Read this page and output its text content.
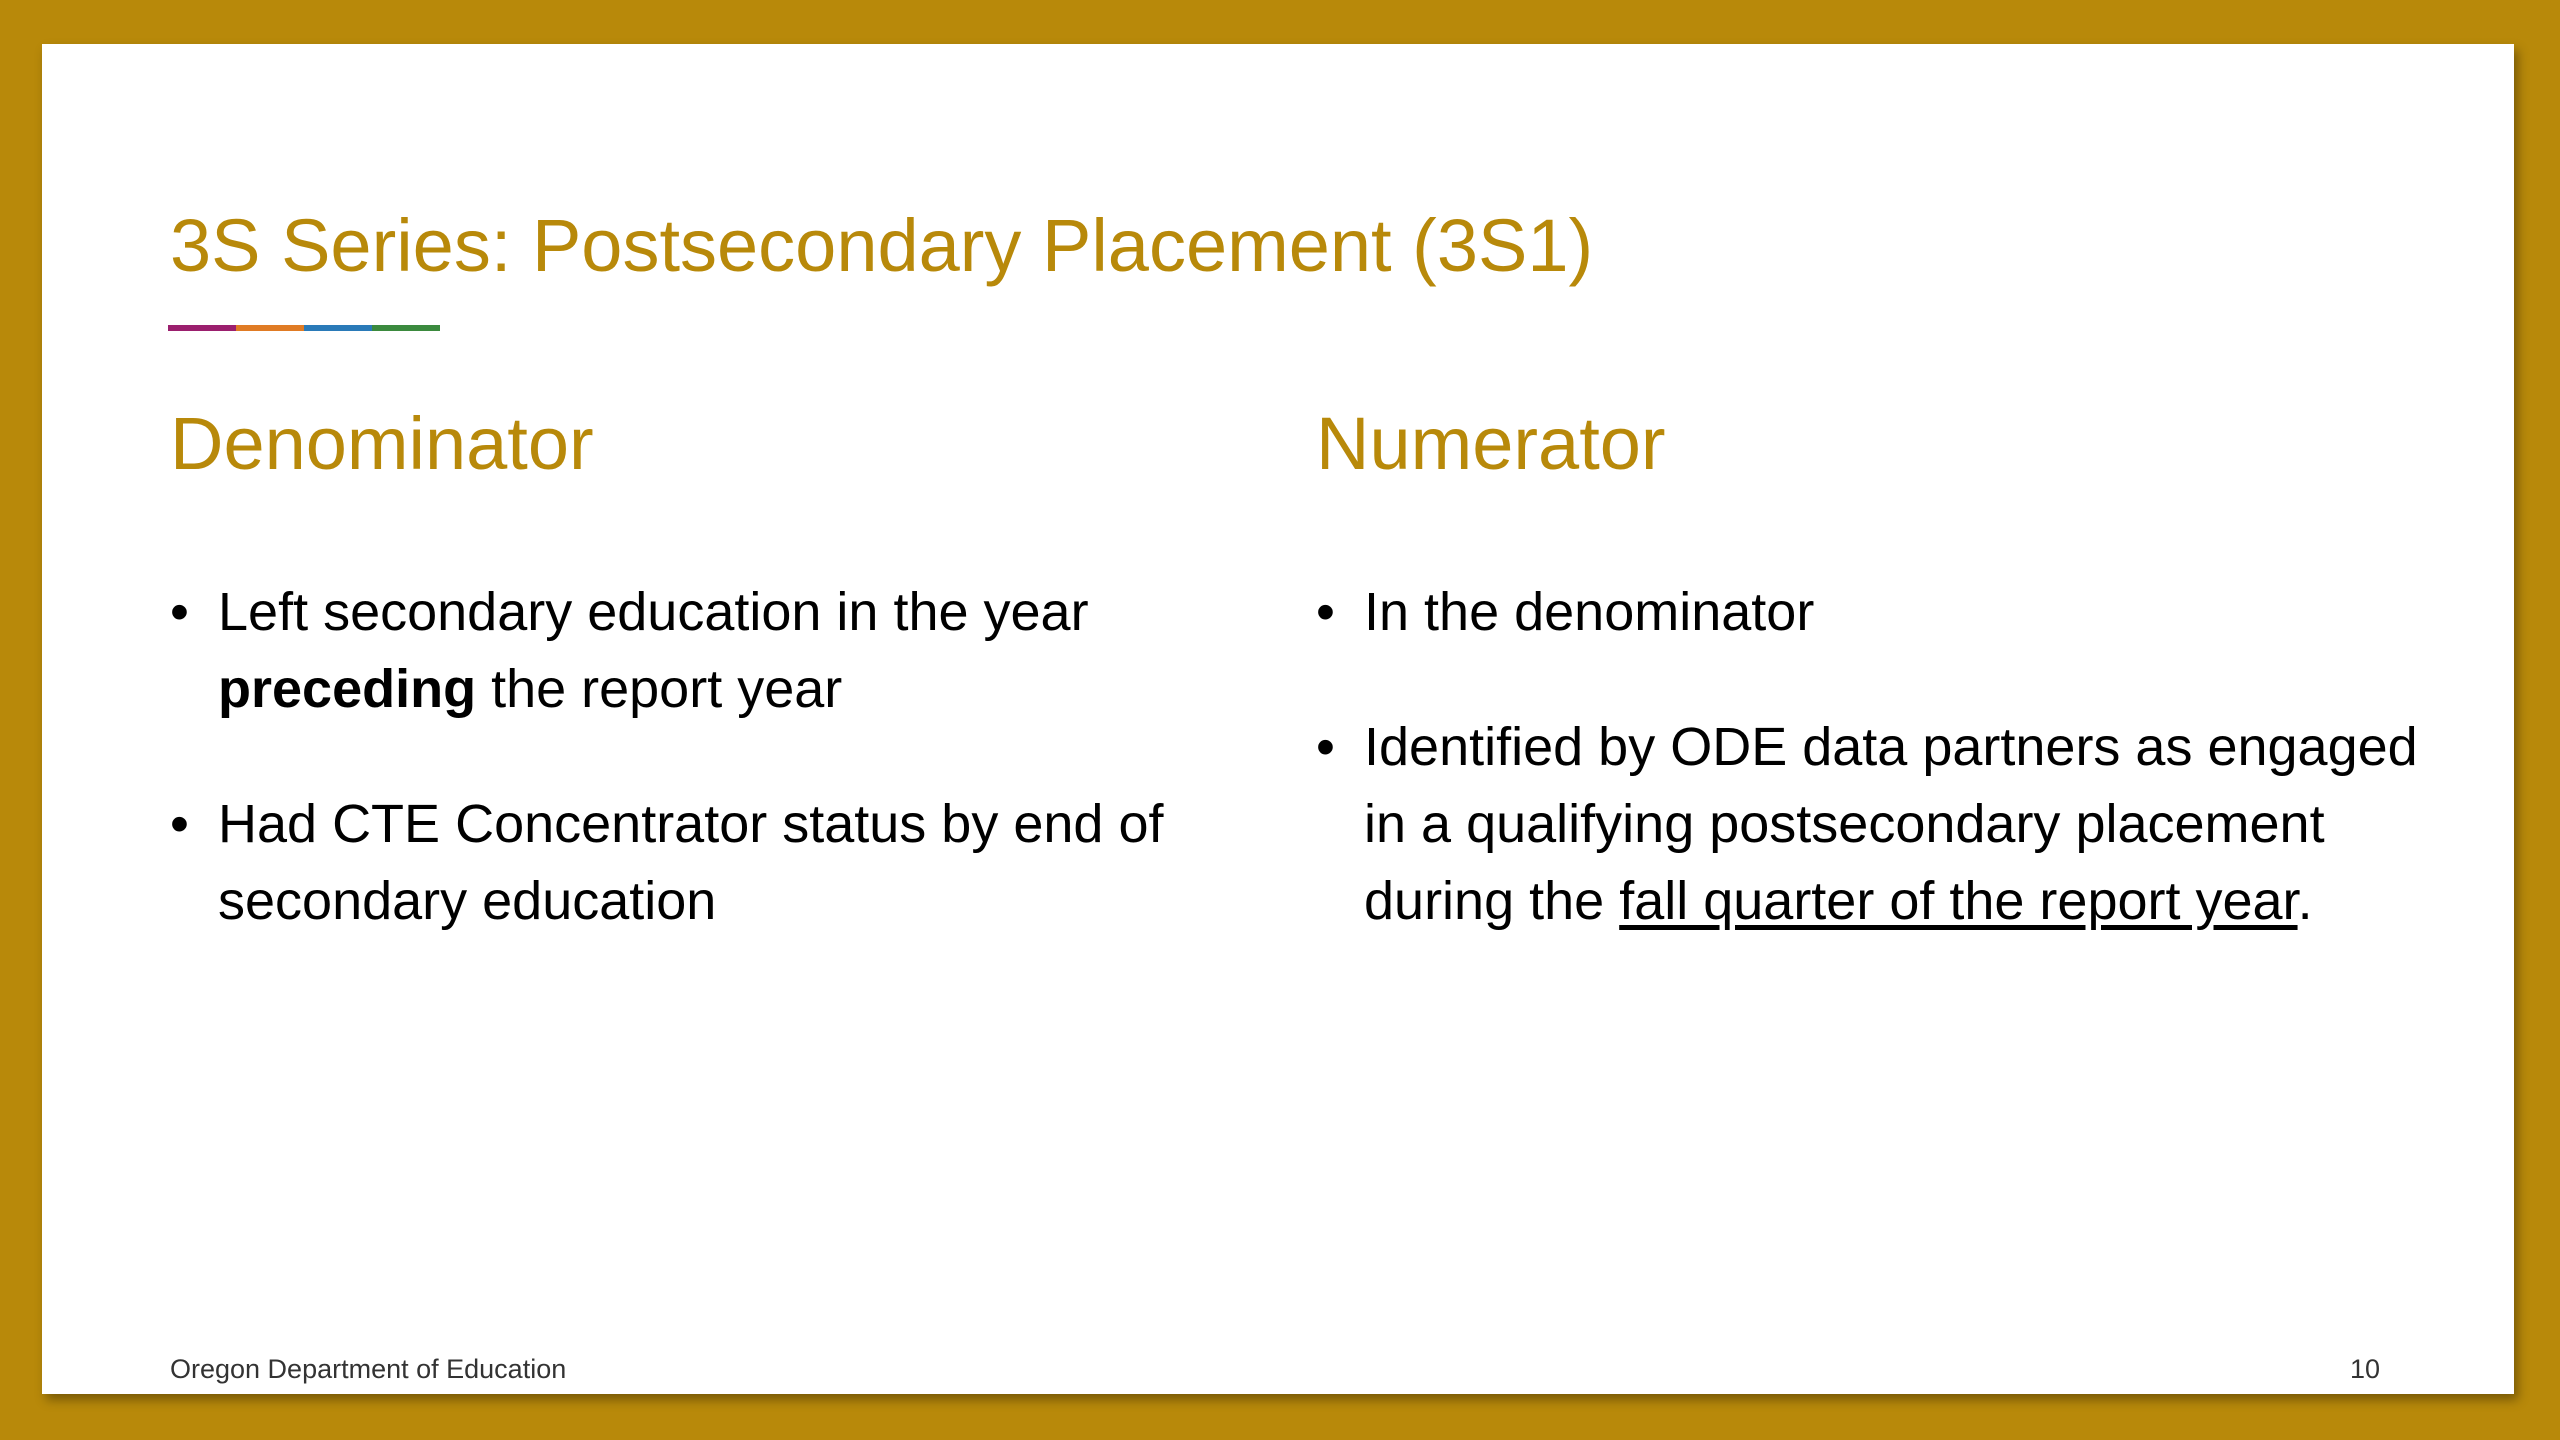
3S Series: Postsecondary Placement (3S1)
Denominator	Numerator
• Left secondary education in the year preceding the report year
• Had CTE Concentrator status by end of secondary education
• In the denominator
• Identified by ODE data partners as engaged in a qualifying postsecondary placement during the fall quarter of the report year.
Oregon Department of Education	10
